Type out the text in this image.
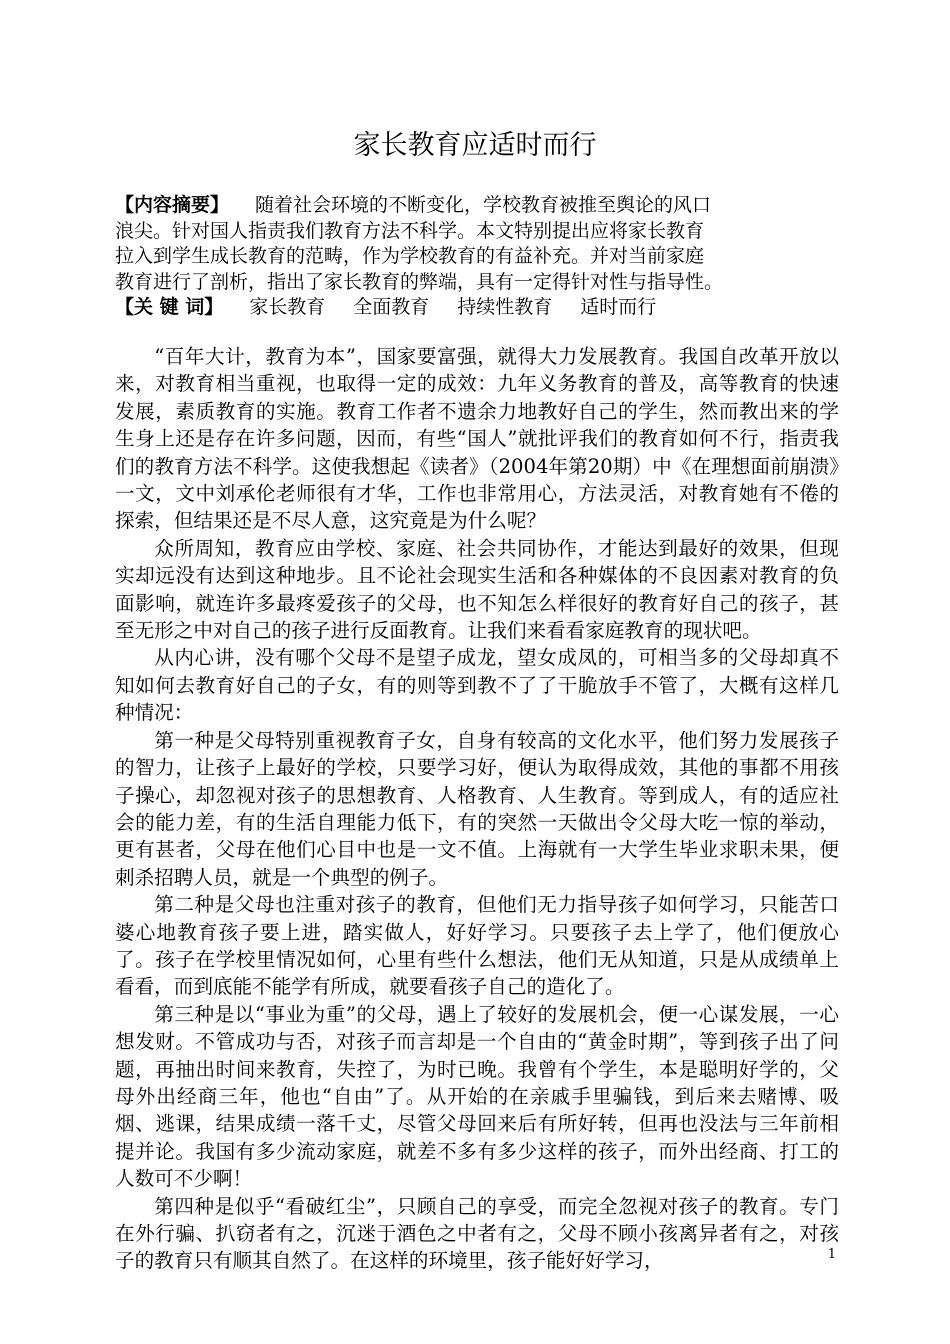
家长教育应适时而行
【内容摘要】 随着社会环境的不断变化，学校教育被推至舆论的风口
浪尖。针对国人指责我们教育方法不科学。本文特别提出应将家长教育
拉入到学生成长教育的范畴，作为学校教育的有益补充。并对当前家庭
教育进行了剖析，指出了家长教育的弊端，具有一定得针对性与指导性。
【关 键 词】 家长教育 全面教育 持续性教育 适时而行

“百年大计，教育为本”，国家要富强，就得大力发展教育。我国自改革开放以来，对教育相当重视，也取得一定的成效：九年义务教育的普及，高等教育的快速发展，素质教育的实施。教育工作者不遗余力地教好自己的学生，然而教出来的学生身上还是存在许多问题，因而，有些“国人”就批评我们的教育如何不行，指责我们的教育方法不科学。这使我想起《读者》（2004年第20期）中《在理想面前崩溃》一文，文中刘承伦老师很有才华，工作也非常用心，方法灵活，对教育她有不倦的探索，但结果还是不尽人意，这究竟是为什么呢？

众所周知，教育应由学校、家庭、社会共同协作，才能达到最好的效果，但现实却远没有达到这种地步。且不论社会现实生活和各种媒体的不良因素对教育的负面影响，就连许多最疼爱孩子的父母，也不知怎么样很好的教育好自己的孩子，甚至无形之中对自己的孩子进行反面教育。让我们来看看家庭教育的现状吧。

从内心讲，没有哪个父母不是望子成龙，望女成凤的，可相当多的父母却真不知如何去教育好自己的子女，有的则等到教不了了干脆放手不管了，大概有这样几种情况：

第一种是父母特别重视教育子女，自身有较高的文化水平，他们努力发展孩子的智力，让孩子上最好的学校，只要学习好，便认为取得成效，其他的事都不用孩子操心，却忽视对孩子的思想教育、人格教育、人生教育。等到成人，有的适应社会的能力差，有的生活自理能力低下，有的突然一天做出令父母大吃一惊的举动，更有甚者，父母在他们心目中也是一文不值。上海就有一大学生毕业求职未果，便刺杀招聘人员，就是一个典型的例子。

第二种是父母也注重对孩子的教育，但他们无力指导孩子如何学习，只能苦口婆心地教育孩子要上进，踏实做人，好好学习。只要孩子去上学了，他们便放心了。孩子在学校里情况如何，心里有些什么想法，他们无从知道，只是从成绩单上看看，而到底能不能学有所成，就要看孩子自己的造化了。

第三种是以“事业为重”的父母，遇上了较好的发展机会，便一心谋发展，一心想发财。不管成功与否，对孩子而言却是一个自由的“黄金时期”，等到孩子出了问题，再抽出时间来教育，失控了，为时已晚。我曾有个学生，本是聪明好学的，父母外出经商三年，他也“自由”了。从开始的在亲戚手里骗钱，到后来去赌博、吸烟、逃课，结果成绩一落千丈，尽管父母回来后有所好转，但再也没法与三年前相提并论。我国有多少流动家庭，就差不多有多少这样的孩子，而外出经商、打工的人数可不少啊！

第四种是似乎“看破红尘”，只顾自己的享受，而完全忽视对孩子的教育。专门在外行骗、扒窃者有之，沉迷于酒色之中者有之，父母不顾小孩离异者有之，对孩子的教育只有顺其自然了。在这样的环境里，孩子能好好学习，	1
